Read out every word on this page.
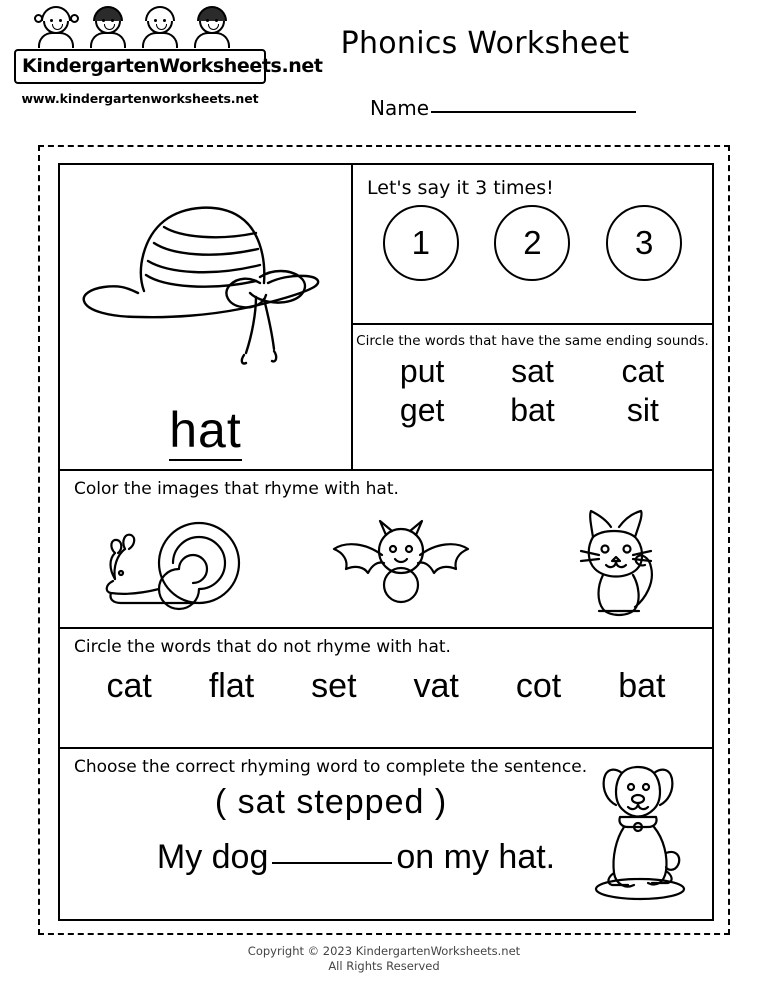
KindergartenWorksheets.net
www.kindergartenworksheets.net
Phonics Worksheet
Name
hat
Let's say it 3 times!
1	2	3
Circle the words that have the same ending sounds.
put	sat	cat
get	bat	sit
Color the images that rhyme with hat.
Circle the words that do not rhyme with hat.
cat flat set vat cot bat
Choose the correct rhyming word to complete the sentence.
( sat stepped )
My dog	on my hat.
Copyright © 2023 KindergartenWorksheets.net
All Rights Reserved
